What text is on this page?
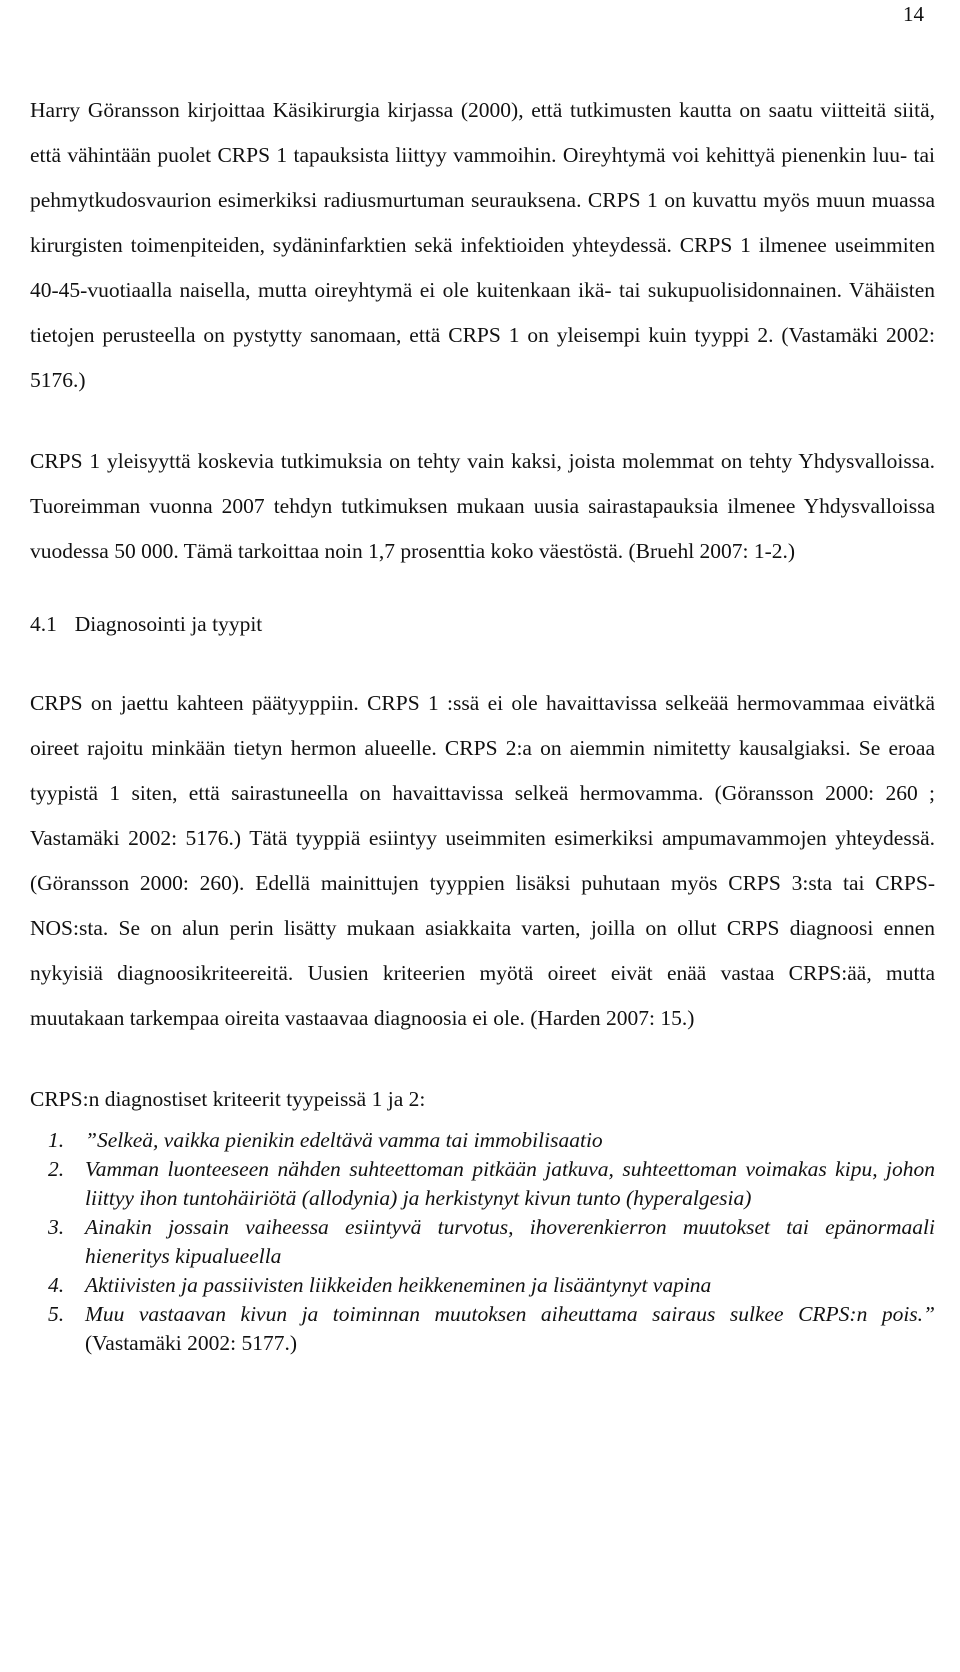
14

Harry Göransson kirjoittaa Käsikirurgia kirjassa (2000), että tutkimusten kautta on saatu viitteitä siitä, että vähintään puolet CRPS 1 tapauksista liittyy vammoihin. Oireyhtymä voi kehittyä pienenkin luu- tai pehmytkudosvaurion esimerkiksi radiusmurtuman seurauksena. CRPS 1 on kuvattu myös muun muassa kirurgisten toimenpiteiden, sydäninfarktien sekä infektioiden yhteydessä. CRPS 1 ilmenee useimmiten 40-45-vuotiaalla naisella, mutta oireyhtymä ei ole kuitenkaan ikä- tai sukupuolisidonnainen. Vähäisten tietojen perusteella on pystytty sanomaan, että CRPS 1 on yleisempi kuin tyyppi 2. (Vastamäki 2002: 5176.)

CRPS 1 yleisyyttä koskevia tutkimuksia on tehty vain kaksi, joista molemmat on tehty Yhdysvalloissa. Tuoreimman vuonna 2007 tehdyn tutkimuksen mukaan uusia sairastapauksia ilmenee Yhdysvalloissa vuodessa 50 000. Tämä tarkoittaa noin 1,7 prosenttia koko väestöstä. (Bruehl 2007: 1-2.)

4.1 Diagnosointi ja tyypit

CRPS on jaettu kahteen päätyyppiin. CRPS 1 :ssä ei ole havaittavissa selkeää hermovammaa eivätkä oireet rajoitu minkään tietyn hermon alueelle. CRPS 2:a on aiemmin nimitetty kausalgiaksi. Se eroaa tyypistä 1 siten, että sairastuneella on havaittavissa selkeä hermovamma. (Göransson 2000: 260 ; Vastamäki 2002: 5176.) Tätä tyyppiä esiintyy useimmiten esimerkiksi ampumavammojen yhteydessä. (Göransson 2000: 260). Edellä mainittujen tyyppien lisäksi puhutaan myös CRPS 3:sta tai CRPS-NOS:sta. Se on alun perin lisätty mukaan asiakkaita varten, joilla on ollut CRPS diagnoosi ennen nykyisiä diagnoosikriteereitä. Uusien kriteerien myötä oireet eivät enää vastaa CRPS:ää, mutta muutakaan tarkempaa oireita vastaavaa diagnoosia ei ole. (Harden 2007: 15.)

CRPS:n diagnostiset kriteerit tyypeissä 1 ja 2:

1. ”Selkeä, vaikka pienikin edeltävä vamma tai immobilisaatio
2. Vamman luonteeseen nähden suhteettoman pitkään jatkuva, suhteettoman voimakas kipu, johon liittyy ihon tuntohäiriötä (allodynia) ja herkistynyt kivun tunto (hyperalgesia)
3. Ainakin jossain vaiheessa esiintyvä turvotus, ihoverenkierron muutokset tai epänormaali hieneritys kipualueella
4. Aktiivisten ja passiivisten liikkeiden heikkeneminen ja lisääntynyt vapina
5. Muu vastaavan kivun ja toiminnan muutoksen aiheuttama sairaus sulkee CRPS:n pois.” (Vastamäki 2002: 5177.)
